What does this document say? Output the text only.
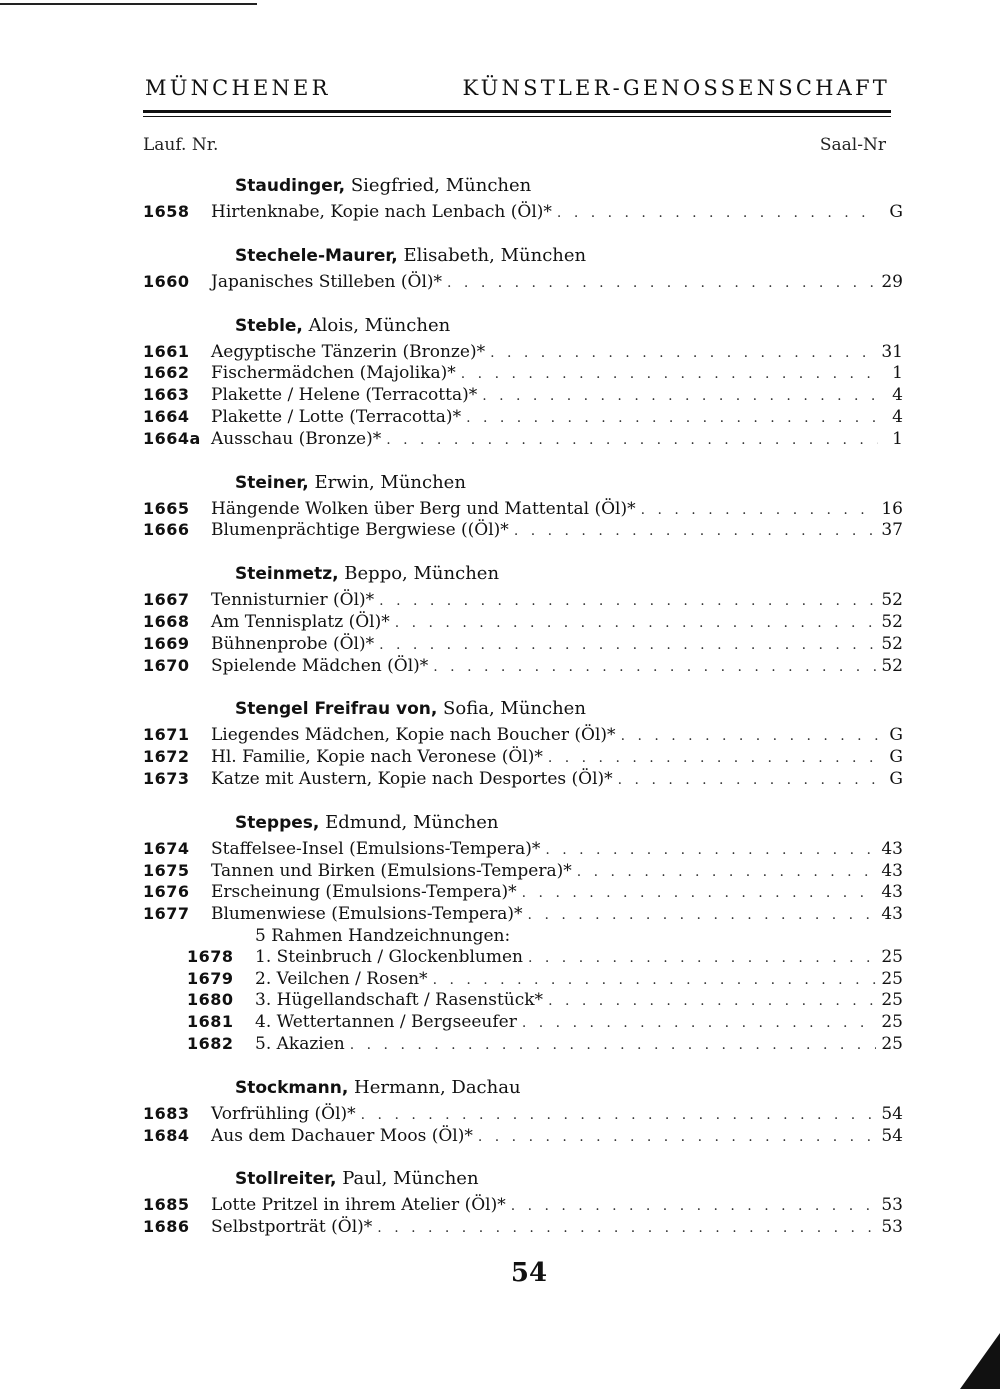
MÜNCHENER KÜNSTLER-GENOSSENSCHAFT
Lauf. Nr.	Saal-Nr
Staudinger, Siegfried, München
1658	Hirtenknabe, Kopie nach Lenbach (Öl)* . . .	G
Stechele-Maurer, Elisabeth, München
1660	Japanisches Stilleben (Öl)* . . .	29
Steble, Alois, München
1661	Aegyptische Tänzerin (Bronze)* . . .	31
1662	Fischermädchen (Majolika)* . . .	1
1663	Plakette / Helene (Terracotta)* . . .	4
1664	Plakette / Lotte (Terracotta)* . . .	4
1664a Ausschau (Bronze)* . . .	1
Steiner, Erwin, München
1665	Hängende Wolken über Berg und Mattental (Öl)* . . .	16
1666	Blumenprächtige Bergwiese ((Öl)* . . .	37
Steinmetz, Beppo, München
1667	Tennisturnier (Öl)* . . .	52
1668	Am Tennisplatz (Öl)* . . .	52
1669	Bühnenprobe (Öl)* . . .	52
1670	Spielende Mädchen (Öl)* . . .	52
Stengel Freifrau von, Sofia, München
1671	Liegendes Mädchen, Kopie nach Boucher (Öl)* . . .	G
1672	Hl. Familie, Kopie nach Veronese (Öl)* . . .	G
1673	Katze mit Austern, Kopie nach Desportes (Öl)* . . .	G
Steppes, Edmund, München
1674	Staffelsee-Insel (Emulsions-Tempera)* . . .	43
1675	Tannen und Birken (Emulsions-Tempera)* . . .	43
1676	Erscheinung (Emulsions-Tempera)* . . .	43
1677	Blumenwiese (Emulsions-Tempera)* . . .	43
5 Rahmen Handzeichnungen:
1678	1. Steinbruch / Glockenblumen . . .	25
1679	2. Veilchen / Rosen* . . .	25
1680	3. Hügellandschaft / Rasenstück* . . .	25
1681	4. Wettertannen / Bergseeufer . . .	25
1682	5. Akazien . . .	25
Stockmann, Hermann, Dachau
1683	Vorfrühling (Öl)* . . .	54
1684	Aus dem Dachauer Moos (Öl)* . . .	54
Stollreiter, Paul, München
1685	Lotte Pritzel in ihrem Atelier (Öl)* . . .	53
1686	Selbstporträt (Öl)* . . .	53
54
